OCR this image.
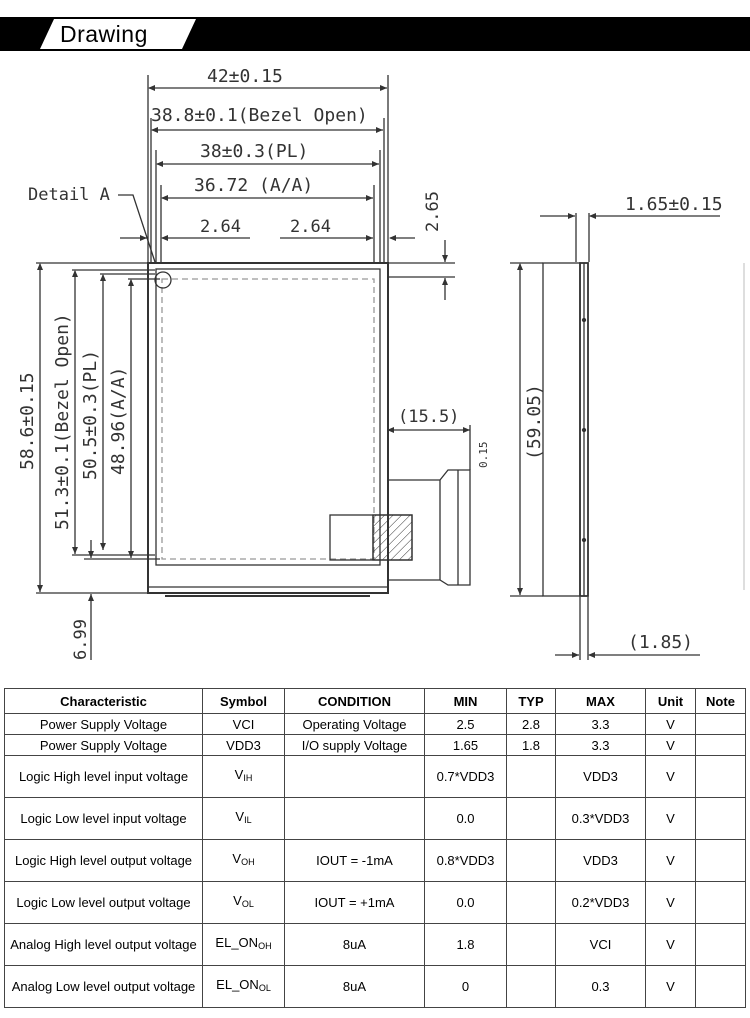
Drawing
42±0.15
38.8±0.1(Bezel Open)
38±0.3(PL)
36.72 (A/A)
2.64	2.64
Detail A	2.65
58.6±0.15 51.3±0.1(Bezel Open) 50.5±0.3(PL) 48.96(A/A)
6.99
(15.5)
0.15
1.65±0.15
(59.05)
(1.85)
Characteristic	Symbol	CONDITION	MIN	TYP	MAX	Unit	Note
Power Supply Voltage	VCI	Operating Voltage	2.5	2.8	3.3	V	
Power Supply Voltage	VDD3	I/O supply Voltage	1.65	1.8	3.3	V	
Logic High level input voltage	$V_{IH}$		0.7*VDD3		VDD3	V	
Logic Low level input voltage	$V_{IL}$		0.0		0.3*VDD3	V	
Logic High level output voltage	$V_{OH}$	IOUT = -1mA	0.8*VDD3		VDD3	V	
Logic Low level output voltage	$V_{OL}$	IOUT = +1mA	0.0		0.2*VDD3	V	
Analog High level output voltage	$EL\_ON_{OH}$	8uA	1.8		VCI	V	
Analog Low level output voltage	$EL\_ON_{OL}$	8uA	0		0.3	V	
